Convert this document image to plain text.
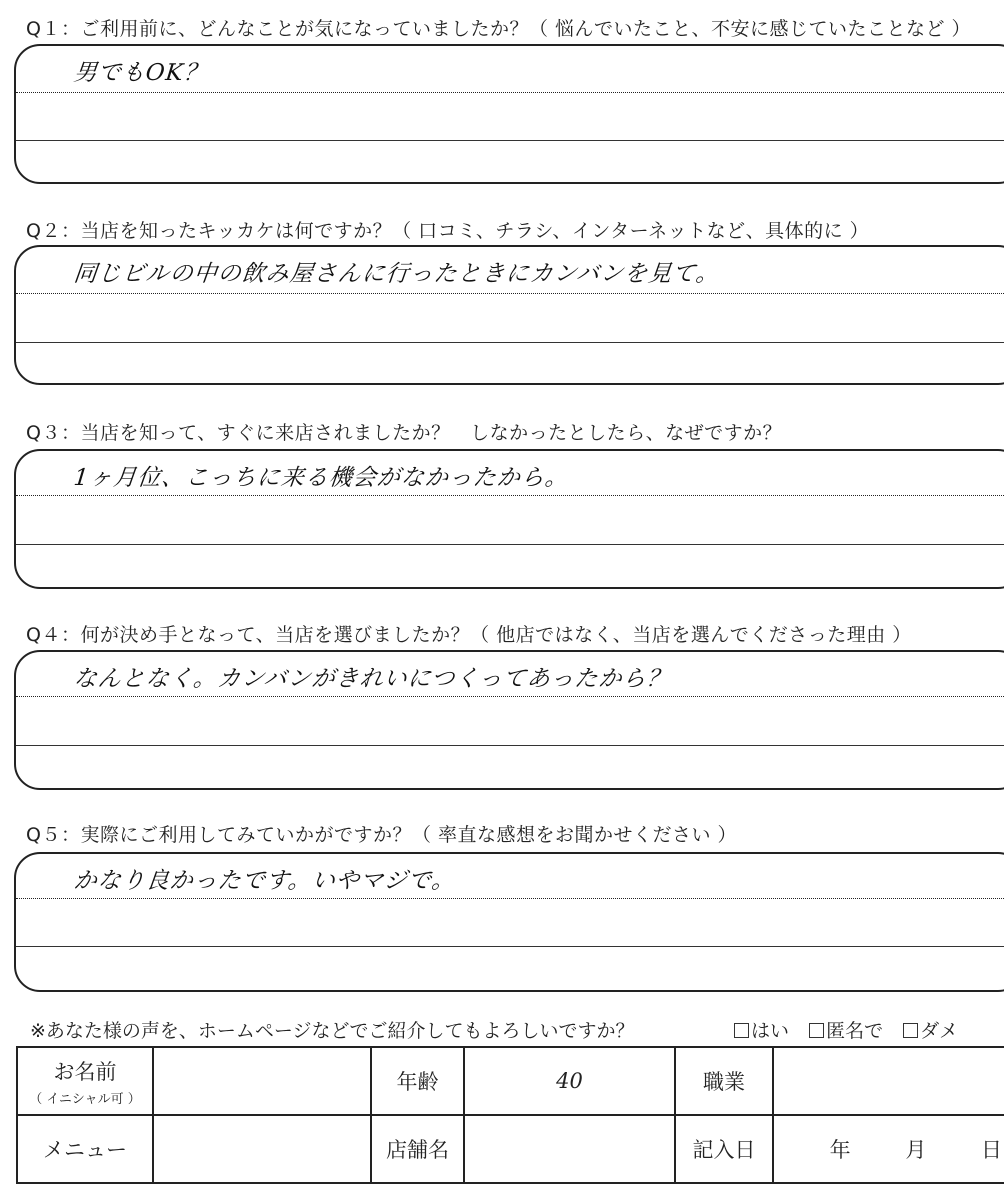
Q１：ご利用前に、どんなことが気になっていましたか？（ 悩んでいたこと、不安に感じていたことなど ）
男でもOK？
Q２：当店を知ったキッカケは何ですか？（ 口コミ、チラシ、インターネットなど、具体的に ）
同じビルの中の飲み屋さんに行ったときにカンバンを見て。
Q３：当店を知って、すぐに来店されましたか？　しなかったとしたら、なぜですか？
1ヶ月位、こっちに来る機会がなかったから。
Q４：何が決め手となって、当店を選びましたか？（ 他店ではなく、当店を選んでくださった理由 ）
なんとなく。カンバンがきれいにつくってあったから？
Q５：実際にご利用してみていかがですか？（ 率直な感想をお聞かせください ）
かなり良かったです。いやマジで。
※あなた様の声を、ホームページなどでご紹介してもよろしいですか？	はい 匿名で ダメ
お名前
（ イニシャル可 ）		年齢	40	職業	
メニュー		店舗名		記入日	年 月 日
